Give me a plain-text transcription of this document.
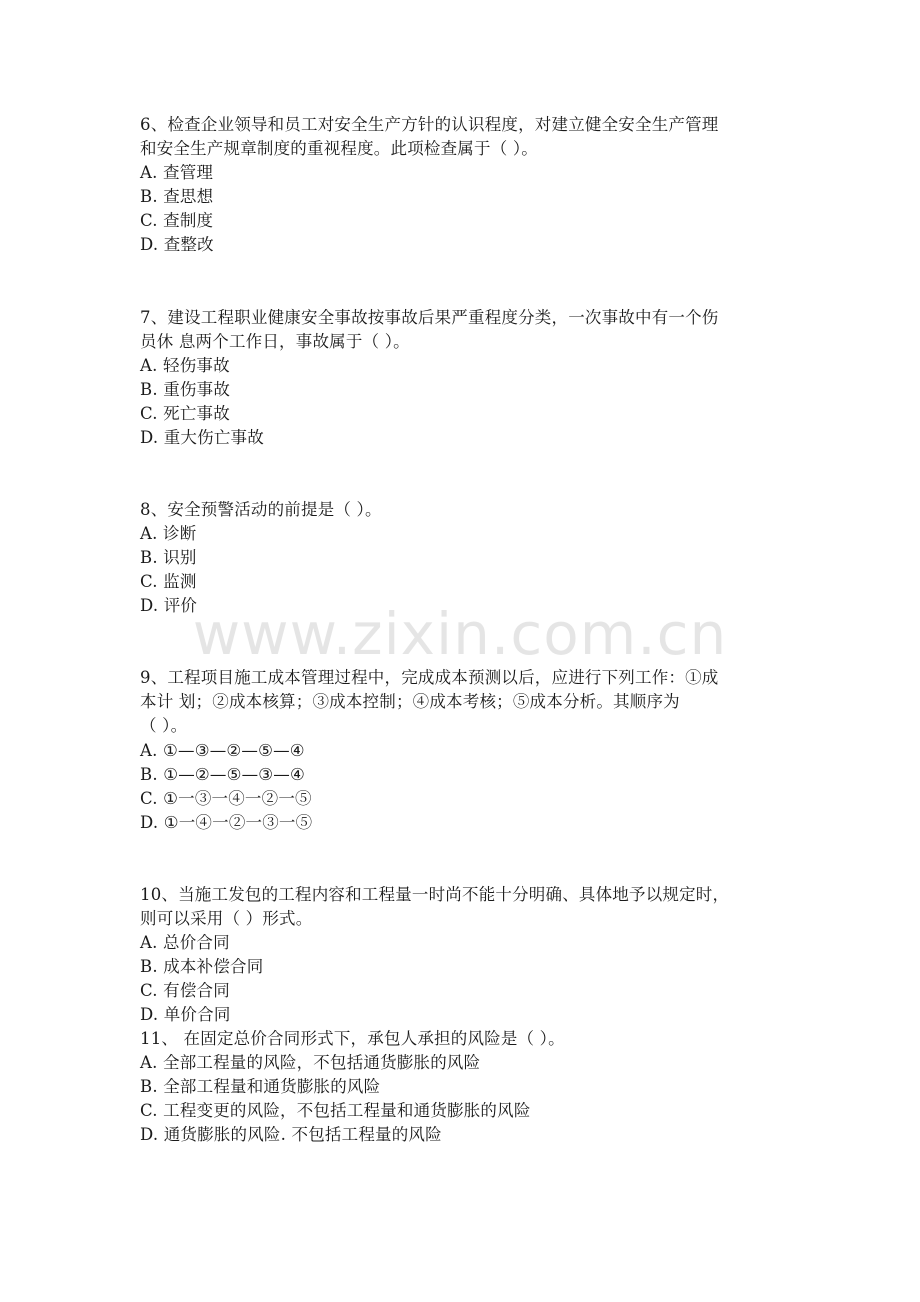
www.zixin.com.cn
6、检查企业领导和员工对安全生产方针的认识程度，对建立健全安全生产管理
和安全生产规章制度的重视程度。此项检查属于（ ）。
A. 查管理
B. 查思想
C. 查制度
D. 查整改
7、建设工程职业健康安全事故按事故后果严重程度分类，一次事故中有一个伤
员休 息两个工作日，事故属于（ ）。
A. 轻伤事故
B. 重伤事故
C. 死亡事故
D. 重大伤亡事故
8、安全预警活动的前提是（ ）。
A. 诊断
B. 识别
C. 监测
D. 评价
9、工程项目施工成本管理过程中，完成成本预测以后，应进行下列工作：①成
本计 划；②成本核算；③成本控制；④成本考核；⑤成本分析。其顺序为
（ ）。
A. ①—③—②—⑤—④
B. ①—②—⑤—③—④
C. ①一③一④一②一⑤
D. ①一④一②一③一⑤
10、当施工发包的工程内容和工程量一时尚不能十分明确、具体地予以规定时，
则可以采用（ ）形式。
A. 总价合同
B. 成本补偿合同
C. 有偿合同
D. 单价合同
11、 在固定总价合同形式下，承包人承担的风险是（ ）。
A. 全部工程量的风险，不包括通货膨胀的风险
B. 全部工程量和通货膨胀的风险
C. 工程变更的风险，不包括工程量和通货膨胀的风险
D. 通货膨胀的风险. 不包括工程量的风险
